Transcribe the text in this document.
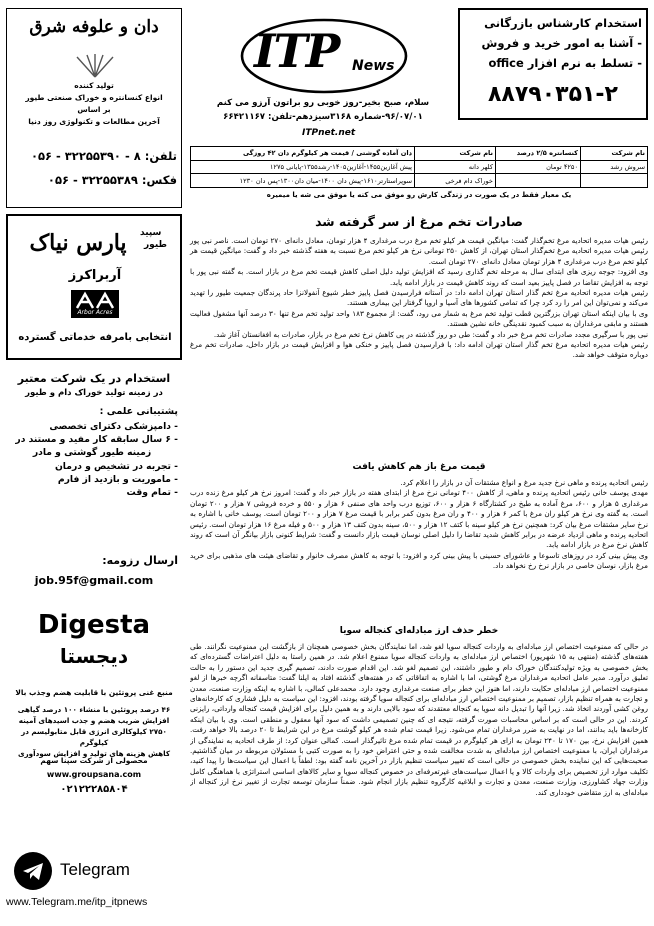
دان و علوفه شرق
تولید کننده
انواع کنسانتره و خوراک صنعتی طیور
بر اساس
آخرین مطالعات و تکنولوژی روز دنیا
تلفن: ۸ - ۳۲۲۵۵۳۹۰ - ۰۵۶
فکس: ۳۲۲۵۵۳۸۹ - ۰۵۶
سپید
طیور
پارس نیاک
آربراکرز
Arbor Acres
انتخابی بامرفه خدماتی گسترده
استخدام در یک شرکت معتبر
در زمینه تولید خوراک دام و طیور
پشتیبانی علمی :
- دامپزشکی دکترای تخصصی
- ۶ سال سابقه کار مفید و مستند در
زمینه طیور گوشتی و مادر
- تجربه در تشخیص و درمان
- ماموریت و بازدید از فارم
- تمام وقت
ارسال رزومه:
job.95f@gmail.com
Digesta
دیجستا
منبع غنی پروتئین با قابلیت هضم وجذب بالا
۴۶ درصد پروتئین با منشاء ۱۰۰ درصد گیاهی
افزایش ضریب هضم و جذب اسیدهای آمینه
۲۷۵۰ کیلوکالری انرژی قابل متابولیسم در کیلوگرم
کاهش هزینه های تولید و افزایش سودآوری
محصولی از شرکت سپنا سهم
www.groupsana.com
۰۲۱۲۲۲۸۵۸۰۴
Telegram
www.Telegram.me/itp_itpnews
ITP News
سلام، صبح بخیر-روز خوبی رو براتون آرزو می کنم
۹۶/۰۷/۰۱-شماره ۳۱۶۸سیزدهم-تلفن: ۶۶۴۲۱۱۶۷
ITPnet.net
استخدام کارشناس بازرگانی
- آشنا به امور خرید و فروش
- تسلط به نرم افزار office
۸۸۷۹۰۳۵۱-۲
نام شرکت	کنسانتره ۲/۵ درصد	نام شرکت	دان آماده گوشتی / قیمت هر کیلوگرم دان ۴۲ روزگی
سروش رشد	۴۲۵۰ تومان	کلهر دانه	پیش آغازین۱۴۵۵-آغازین۱۴۰۵-رشد۱۳۵۵-پایانی ۱۲۷۵
		خوراک دام فرخی	سوپراستارتر۱۶۱۰-پیش دان ۱۴۰۰-میان دان۱۳۰۰-پس دان ۱۲۳۰
یک معیار فقط در یک صورت در زندگی کارش رو موفق می کنه یا موفق می شه یا میمیره
صادرات تخم مرغ از سر گرفته شد

رئیس هیات مدیره اتحادیه مرغ تخم‌گذار گفت: میانگین قیمت هر کیلو تخم مرغ درب مرغداری ۴ هزار تومان، معادل دانه‌ای ۲۷۰ تومان است. ناصر نبی پور رئیس هیات مدیره اتحادیه مرغ تخم‌گذار استان تهران، از کاهش ۲۵۰ تومانی نرخ هر کیلو تخم مرغ نسبت به هفته گذشته خبر داد و گفت: میانگین قیمت هر کیلو تخم مرغ درب مرغداری ۴ هزار تومان معادل دانه‌ای ۲۷۰ تومان است.

وی افزود: جوجه ریزی های ابتدای سال به مرحله تخم گذاری رسید که افزایش تولید دلیل اصلی کاهش قیمت تخم مرغ در بازار است. به گفته نبی پور با توجه به افزایش تقاضا در فصل پاییز بعید است که روند کاهش قیمت در بازار ادامه یابد.

رئیس هیات مدیره اتحادیه مرغ تخم گذار استان تهران ادامه داد: در آستانه فرارسیدن فصل پاییز خطر شیوع آنفولانزا حاد پرندگان جمعیت طیور را تهدید می‌کند و نمی‌توان این امر را رد کرد چرا که تمامی کشورها های آسیا و اروپا گرفتار این بیماری هستند.

وی با بیان اینکه استان تهران بزرگترین قطب تولید تخم مرغ به شمار می رود، گفت: از مجموع ۱۸۳ واحد تولید تخم مرغ تنها ۳۰ درصد آنها مشغول فعالیت هستند و مابقی مرغداران به سبب کمبود نقدینگی خانه نشین هستند.

نبی پور با سرگیری مجدد صادرات تخم مرغ خبر داد و گفت: طی دو روز گذشته در پی کاهش نرخ تخم مرغ در بازار، صادرات به افغانستان آغاز شد.

رئیس هیات مدیره اتحادیه مرغ تخم گذار استان تهران ادامه داد: با فرارسیدن فصل پاییز و خنکی هوا و افزایش قیمت در بازار داخل، صادرات تخم مرغ دوباره متوقف خواهد شد.

قیمت مرغ باز هم کاهش یافت

رئیس اتحادیه پرنده و ماهی نرخ جدید مرغ و انواع مشتقات آن در بازار را اعلام کرد.

مهدی یوسف خانی رئیس اتحادیه پرنده و ماهی، از کاهش ۴۰۰ تومانی نرخ مرغ از ابتدای هفته در بازار خبر داد و گفت: امروز نرخ هر کیلو مرغ زنده درب مرغداری ۵ هزار و ۶۰۰، مرغ آماده به طبخ در کشتارگاه ۶ هزار و ۶۰۰، توزیع درب واحد های صنفی ۶ هزار و ۵۵۰ و خرده فروشی ۷ هزار و ۲۰۰ تومان است. به گفته وی نرخ هر کیلو ران مرغ با کمر ۶ هزار و ۴۰۰ و ران مرغ بدون کمر برابر با قیمت مرغ ۷ هزار و ۲۰۰ تومان است. یوسف خانی با اشاره به نرخ سایر مشتقات مرغ بیان کرد: همچنین نرخ هر کیلو سینه با کتف ۱۲ هزار و ۵۰۰، سینه بدون کتف ۱۳ هزار و ۵۰۰ و فیله مرغ ۱۶ هزار تومان است. رئیس اتحادیه پرنده و ماهی ازدیاد عرضه در برابر کاهش شدید تقاضا را دلیل اصلی نوسان قیمت بازار دانست و گفت: شرایط کنونی بازار بیانگر آن است که روند کاهش نرخ مرغ در بازار ادامه یابد.

وی پیش بینی کرد در روزهای تاسوعا و عاشورای حسینی با پیش بینی کرد و افزود: با توجه به کاهش مصرف خانوار و تقاضای هیئت های مذهبی برای خرید مرغ بازار، نوسان خاصی در بازار نرخ رخ نخواهد داد.

خطر حذف ارز مبادله‌ای کنجاله سویا

در حالی که ممنوعیت اختصاص ارز مبادله‌ای به واردات کنجاله سویا لغو شد، اما نمایندگان بخش خصوصی همچنان از بازگشت این ممنوعیت نگرانند. طی هفته‌های گذشته (منتهی به ۱۵ شهریور) اختصاص ارز مبادله‌ای به واردات کنجاله سویا ممنوع اعلام شد. در همین راستا به دلیل اعتراضات گسترده‌ای که بخش خصوصی به ویژه تولیدکنندگان خوراک دام و طیور داشتند، این تصمیم لغو شد. این اقدام صورت دادند، تصمیم گیری جدید این دستور را به حالت تعلیق درآورد. مدیر عامل اتحادیه مرغداران مرغ گوشتی، اما با اشاره به اتفاقاتی که در هفته‌های گذشته افتاد به ایلنا گفت: متاسفانه اگرچه خبرها از لغو ممنوعیت اختصاص ارز مبادله‌ای حکایت دارند، اما هنوز این خطر برای صنعت مرغداری وجود دارد. محمدعلی کمالی، با اشاره به اینکه وزارت صنعت، معدن و تجارت به همراه تنظیم بازار، تصمیم بر ممنوعیت اختصاص ارز مبادله‌ای برای کنجاله سویا گرفته بودند، افزود: این سیاست به دلیل فشاری که کارخانه‌های روغن کشی آوردند اتخاذ شد. زیرا آنها را تبدیل دانه سویا به کنجاله معتقدند که سود بالایی دارند و به همین دلیل برای افزایش قیمت کنجاله وارداتی، رایزنی کردند. این در حالی است که بر اساس محاسبات صورت گرفته، نتیجه ای که چنین تصمیمی داشت که سود آنها معقول و منطقی است. وی با بیان اینکه کارخانه‌ها باید بدانند، اما در نهایت به ضرر مرغداران تمام می‌شود. زیرا قیمت تمام شده هر کیلو گوشت مرغ در این شرایط تا ۲۰ درصد بالا خواهد رفت. همین افزایش نرخ، بین ۱۷۰ تا ۲۴۰ تومان به ازای هر کیلوگرم در قیمت تمام شده مرغ تاثیرگذار است. کمالی عنوان کرد: از طرف اتحادیه به نمایندگی از مرغداران ایران، با ممنوعیت اختصاص ارز مبادله‌ای به شدت مخالفت شده و حتی اعتراض خود را به صورت کتبی با مسئولان مربوطه در میان گذاشتیم. صحبت‌هایی که این نماینده بخش خصوصی در حالی است که تغییر سیاست تنظیم بازار در آخرین نامه گفته بود: لطفاً با اعمال این سیاست‌ها را پیدا کنید، تکلیف موارد ارز تخصیص برای واردات کالا و یا اعمال سیاست‌های غیرتعرفه‌ای در خصوص کنجاله سویا و سایر کالاهای اساسی استراتژی با هماهنگی کامل وزارت جهاد کشاورزی، وزارت صنعت، معدن و تجارت و ابلاغیه کارگروه تنظیم بازار انجام شود. ضمناً سازمان توسعه تجارت از تغییر نرخ ارز کنجاله از مبادله‌ای به ارز متقاضی خودداری کند.
